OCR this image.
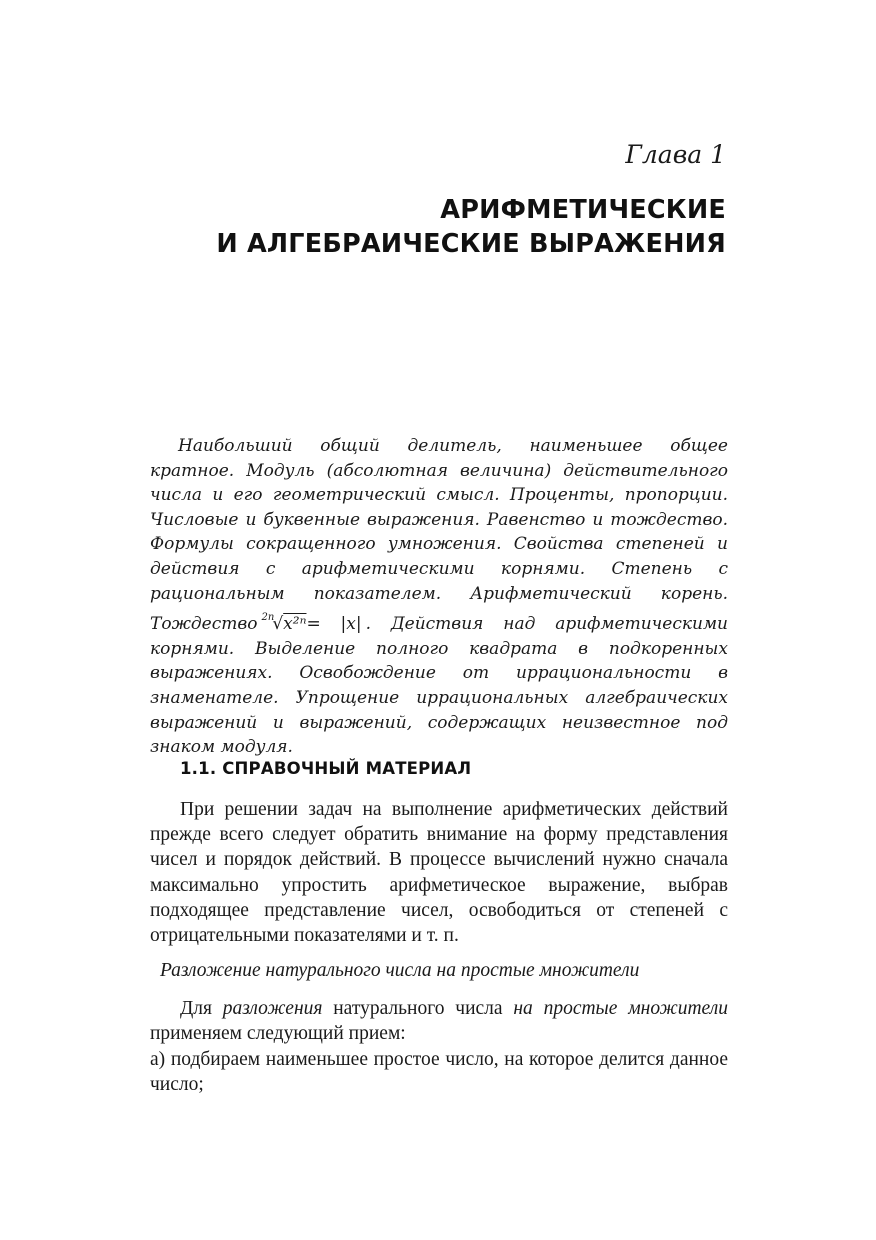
Глава 1
АРИФМЕТИЧЕСКИЕ
И АЛГЕБРАИЧЕСКИЕ ВЫРАЖЕНИЯ

Наибольший общий делитель, наименьшее общее кратное. Модуль (абсолютная величина) действительного числа и его геометрический смысл. Проценты, пропорции. Числовые и буквенные выражения. Равенство и тождество. Формулы сокращенного умножения. Свойства степеней и действия с арифметическими корнями. Степень с рациональным показателем. Арифметический корень. Тождество $^{2n}$√x²ⁿ= |x| . Действия над арифметическими корнями. Выделение полного квадрата в подкоренных выражениях. Освобождение от иррациональности в знаменателе. Упрощение иррациональных алгебраических выражений и выражений, содержащих неизвестное под знаком модуля.

1.1. СПРАВОЧНЫЙ МАТЕРИАЛ

При решении задач на выполнение арифметических действий прежде всего следует обратить внимание на форму представления чисел и порядок действий. В процессе вычислений нужно сначала максимально упростить арифметическое выражение, выбрав подходящее представление чисел, освободиться от степеней с отрицательными показателями и т. п.

Разложение натурального числа на простые множители

Для разложения натурального числа на простые множители применяем следующий прием:

а) подбираем наименьшее простое число, на которое делится данное число;
